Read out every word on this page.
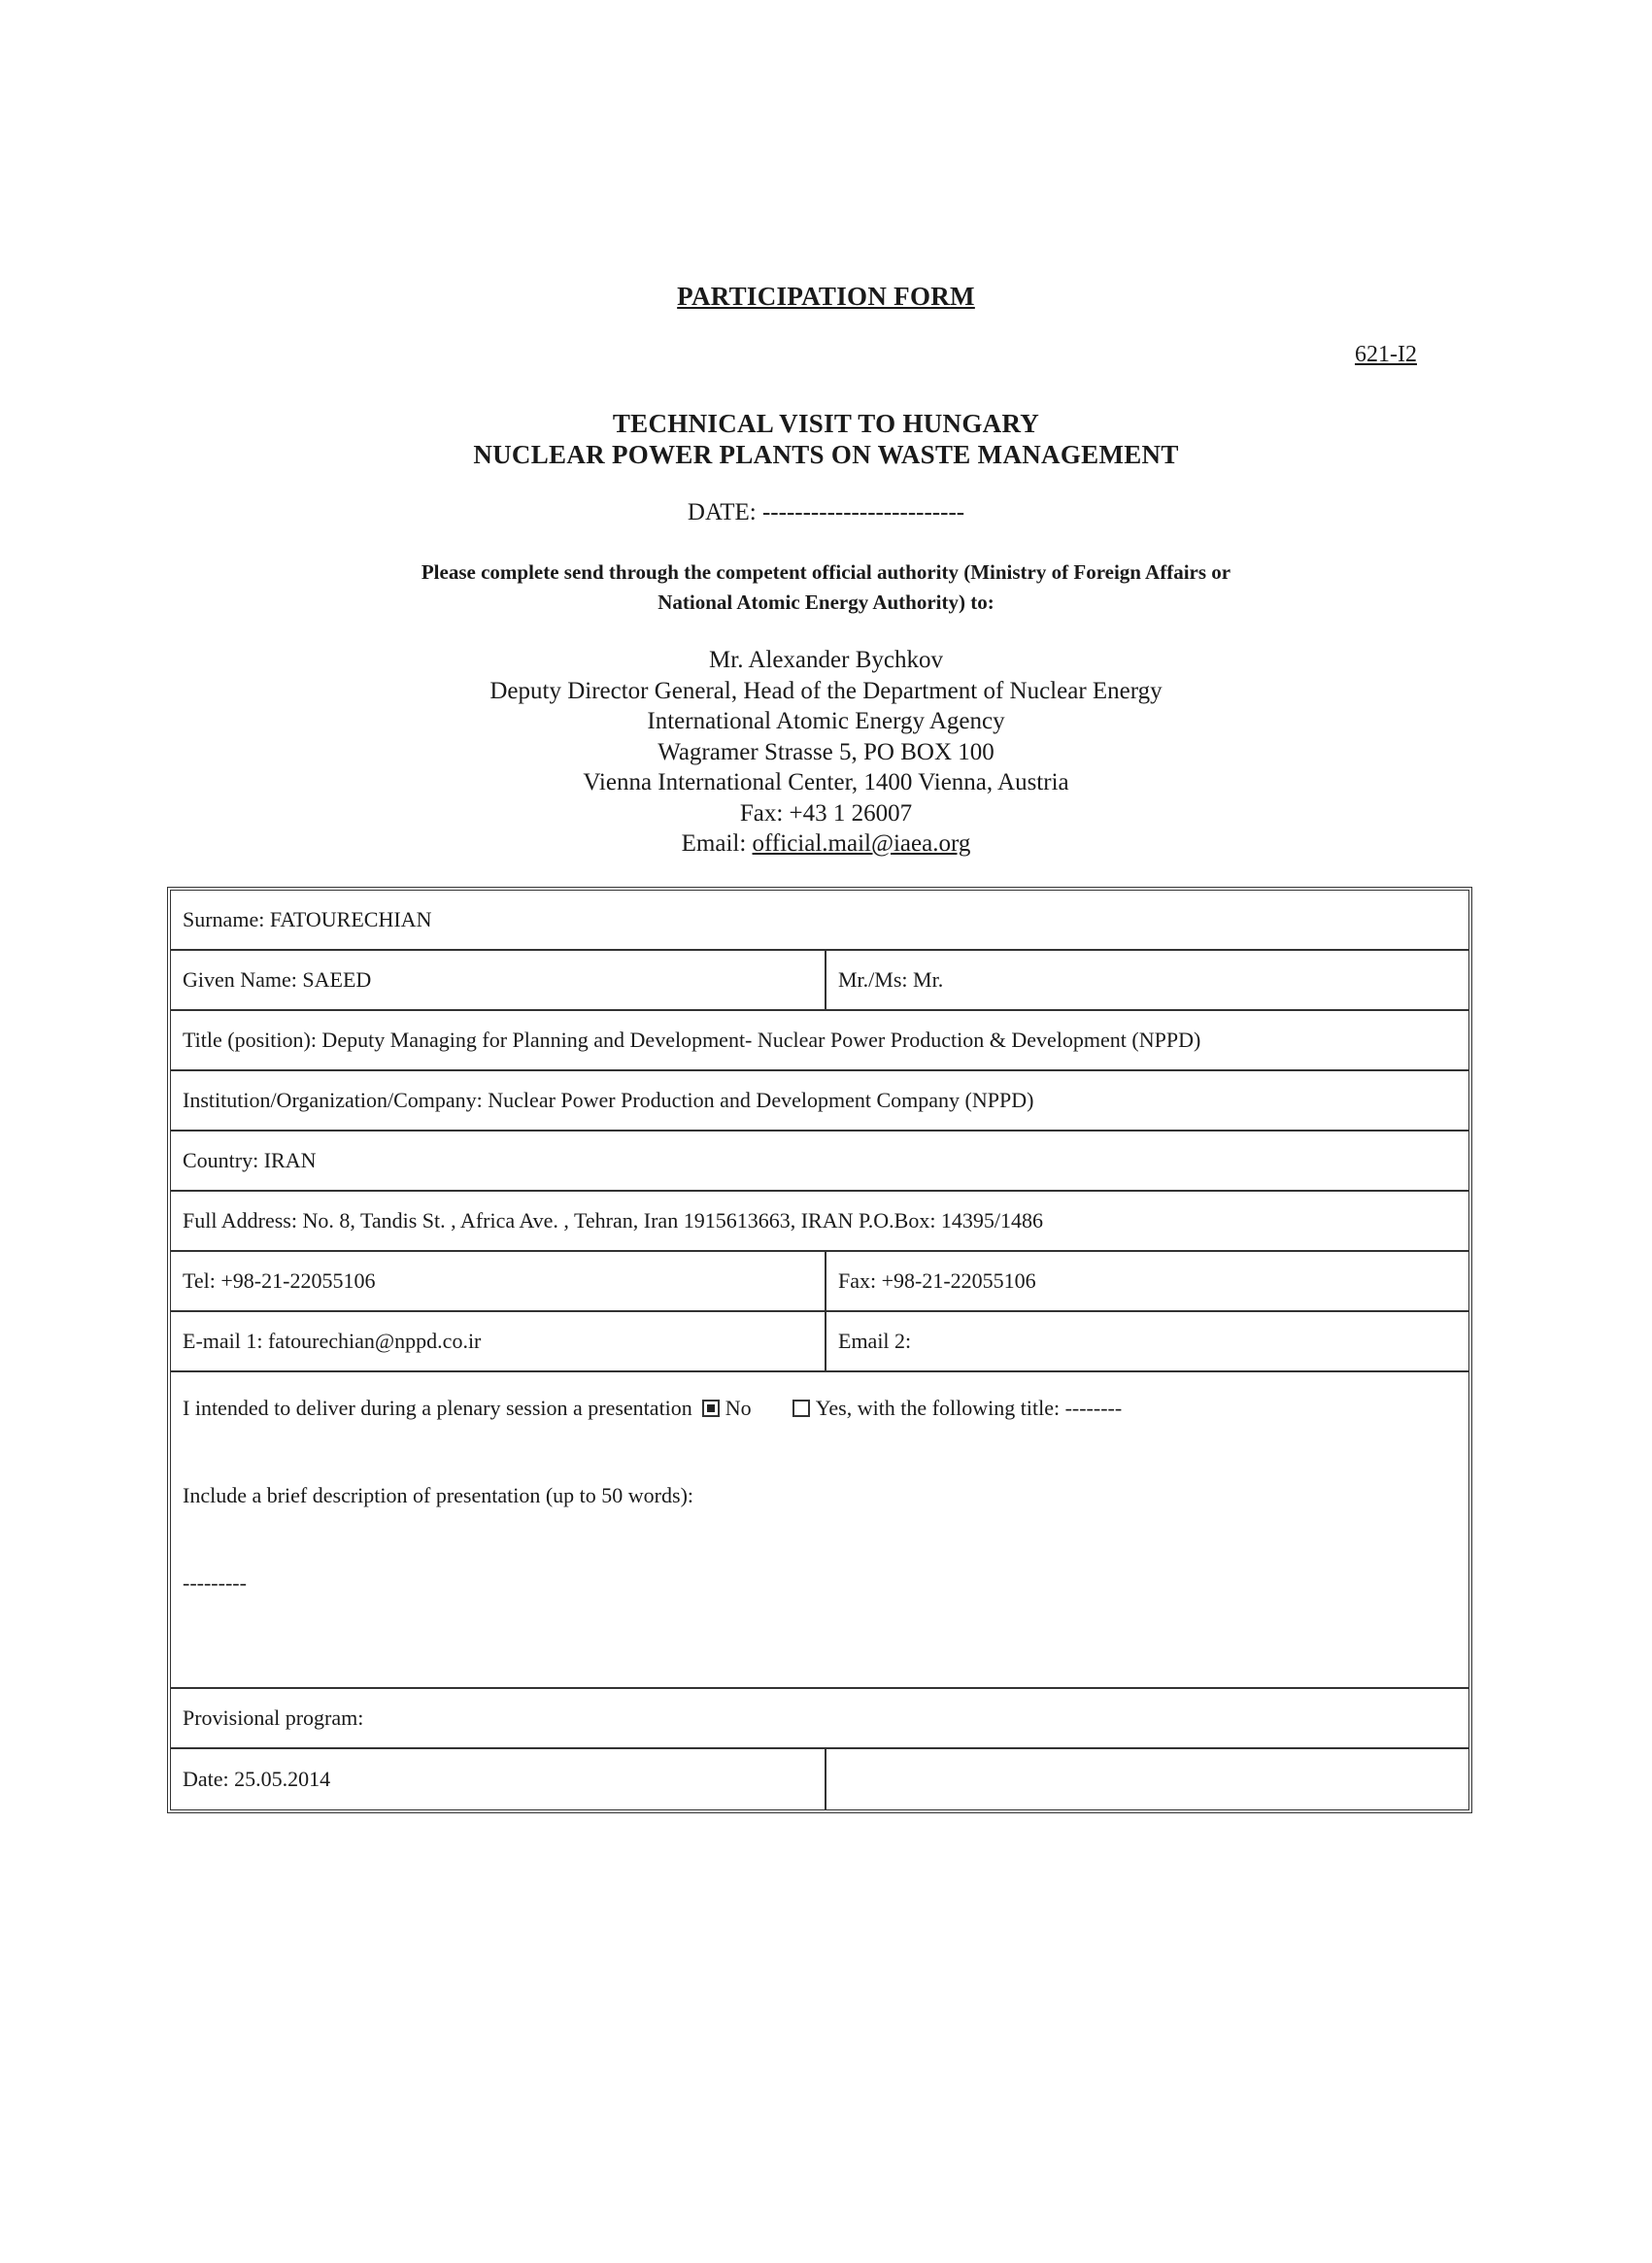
PARTICIPATION FORM
621-I2
TECHNICAL VISIT TO HUNGARY
NUCLEAR POWER PLANTS ON WASTE MANAGEMENT
DATE: -------------------------
Please complete send through the competent official authority (Ministry of Foreign Affairs or
National Atomic Energy Authority) to:
Mr. Alexander Bychkov
Deputy Director General, Head of the Department of Nuclear Energy
International Atomic Energy Agency
Wagramer Strasse 5, PO BOX 100
Vienna International Center, 1400 Vienna, Austria
Fax: +43 1 26007
Email: official.mail@iaea.org
Surname: FATOURECHIAN
Given Name: SAEED	Mr./Ms: Mr.
Title (position): Deputy Managing for Planning and Development- Nuclear Power Production & Development (NPPD)
Institution/Organization/Company: Nuclear Power Production and Development Company (NPPD)
Country: IRAN
Full Address: No. 8, Tandis St. , Africa Ave. , Tehran, Iran 1915613663, IRAN P.O.Box: 14395/1486
Tel: +98-21-22055106	Fax: +98-21-22055106
E-mail 1: fatourechian@nppd.co.ir	Email 2:
I intended to deliver during a plenary session a presentation No	Yes, with the following title: --------
Include a brief description of presentation (up to 50 words):
---------
Provisional program:
Date: 25.05.2014
